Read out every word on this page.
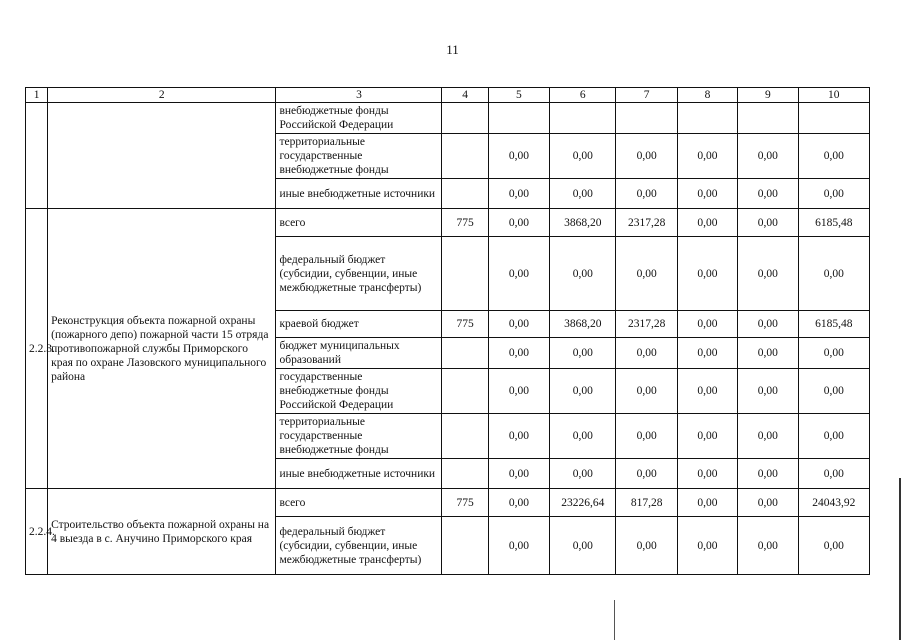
11
1	2	3	4	5	6	7	8	9	10
		внебюджетные фонды Российской Федерации							
		территориальные государственные внебюджетные фонды		0,00	0,00	0,00	0,00	0,00	0,00
		иные внебюджетные источники		0,00	0,00	0,00	0,00	0,00	0,00
2.2.3.	Реконструкция объекта пожарной охраны (пожарного депо) пожарной части 15 отряда противопожарной службы Приморского края по охране Лазовского муниципального района	всего	775	0,00	3868,20	2317,28	0,00	0,00	6185,48
		федеральный бюджет (субсидии, субвенции, иные межбюджетные трансферты)		0,00	0,00	0,00	0,00	0,00	0,00
		краевой бюджет	775	0,00	3868,20	2317,28	0,00	0,00	6185,48
		бюджет муниципальных образований		0,00	0,00	0,00	0,00	0,00	0,00
		государственные внебюджетные фонды Российской Федерации		0,00	0,00	0,00	0,00	0,00	0,00
		территориальные государственные внебюджетные фонды		0,00	0,00	0,00	0,00	0,00	0,00
		иные внебюджетные источники		0,00	0,00	0,00	0,00	0,00	0,00
2.2.4.	Строительство объекта пожарной охраны на 4 выезда в с. Анучино Приморского края	всего	775	0,00	23226,64	817,28	0,00	0,00	24043,92
		федеральный бюджет (субсидии, субвенции, иные межбюджетные трансферты)		0,00	0,00	0,00	0,00	0,00	0,00
